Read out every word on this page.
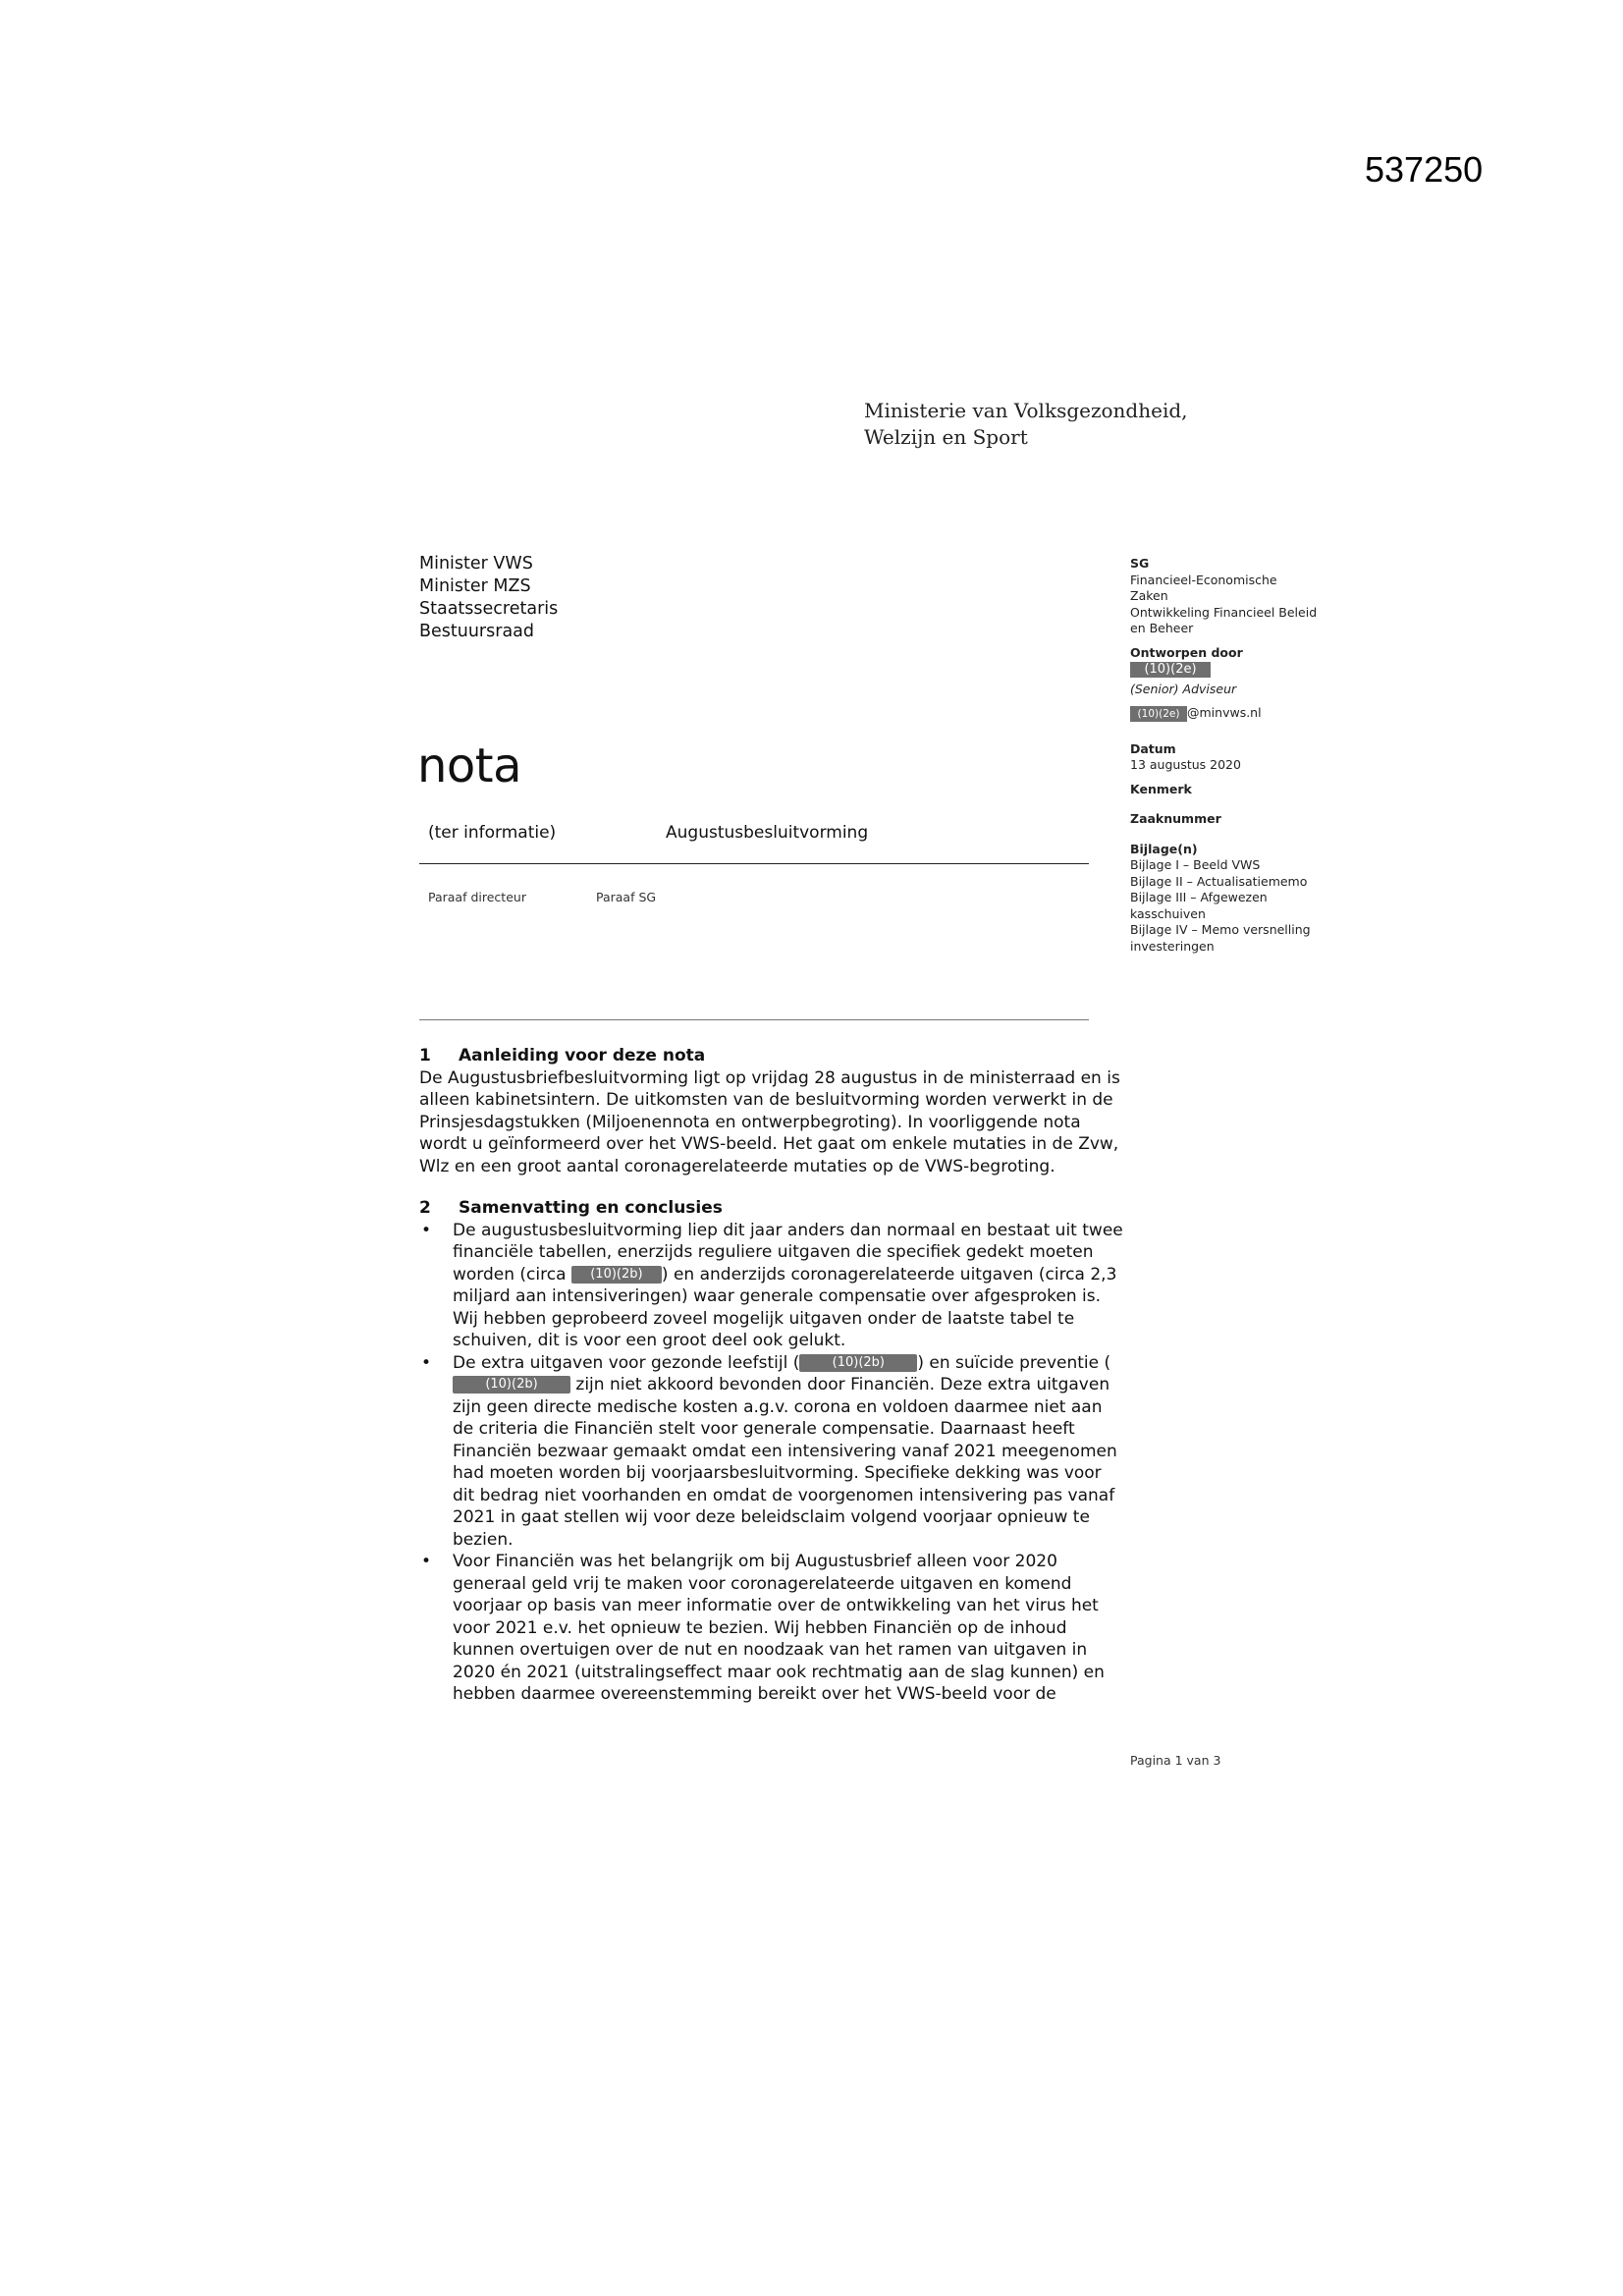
537250
Ministerie van Volksgezondheid,
Welzijn en Sport
Minister VWS
Minister MZS
Staatssecretaris
Bestuursraad
nota
(ter informatie)	Augustusbesluitvorming
Paraaf directeur	Paraaf SG
SG
Financieel-Economische
Zaken
Ontwikkeling Financieel Beleid
en Beheer
Ontworpen door
(10)(2e)
(Senior) Adviseur
(10)(2e) @minvws.nl
Datum
13 augustus 2020
Kenmerk
Zaaknummer
Bijlage(n)
Bijlage I – Beeld VWS
Bijlage II – Actualisatiememo
Bijlage III – Afgewezen
kasschuiven
Bijlage IV – Memo versnelling
investeringen

1 Aanleiding voor deze nota

De Augustusbriefbesluitvorming ligt op vrijdag 28 augustus in de ministerraad en is alleen kabinetsintern. De uitkomsten van de besluitvorming worden verwerkt in de Prinsjesdagstukken (Miljoenennota en ontwerpbegroting). In voorliggende nota wordt u geïnformeerd over het VWS-beeld. Het gaat om enkele mutaties in de Zvw, Wlz en een groot aantal coronagerelateerde mutaties op de VWS-begroting.

2 Samenvatting en conclusies

• De augustusbesluitvorming liep dit jaar anders dan normaal en bestaat uit twee financiële tabellen, enerzijds reguliere uitgaven die specifiek gedekt moeten worden (circa (10)(2b) ) en anderzijds coronagerelateerde uitgaven (circa 2,3 miljard aan intensiveringen) waar generale compensatie over afgesproken is. Wij hebben geprobeerd zoveel mogelijk uitgaven onder de laatste tabel te schuiven, dit is voor een groot deel ook gelukt.
• De extra uitgaven voor gezonde leefstijl (	(10)(2b) ) en suïcide preventie ((10)(2b) zijn niet akkoord bevonden door Financiën. Deze extra uitgaven zijn geen directe medische kosten a.g.v. corona en voldoen daarmee niet aan de criteria die Financiën stelt voor generale compensatie. Daarnaast heeft Financiën bezwaar gemaakt omdat een intensivering vanaf 2021 meegenomen had moeten worden bij voorjaarsbesluitvorming. Specifieke dekking was voor dit bedrag niet voorhanden en omdat de voorgenomen intensivering pas vanaf 2021 in gaat stellen wij voor deze beleidsclaim volgend voorjaar opnieuw te bezien.
• Voor Financiën was het belangrijk om bij Augustusbrief alleen voor 2020 generaal geld vrij te maken voor coronagerelateerde uitgaven en komend voorjaar op basis van meer informatie over de ontwikkeling van het virus het voor 2021 e.v. het opnieuw te bezien. Wij hebben Financiën op de inhoud kunnen overtuigen over de nut en noodzaak van het ramen van uitgaven in 2020 én 2021 (uitstralingseffect maar ook rechtmatig aan de slag kunnen) en hebben daarmee overeenstemming bereikt over het VWS-beeld voor de
Pagina 1 van 3
